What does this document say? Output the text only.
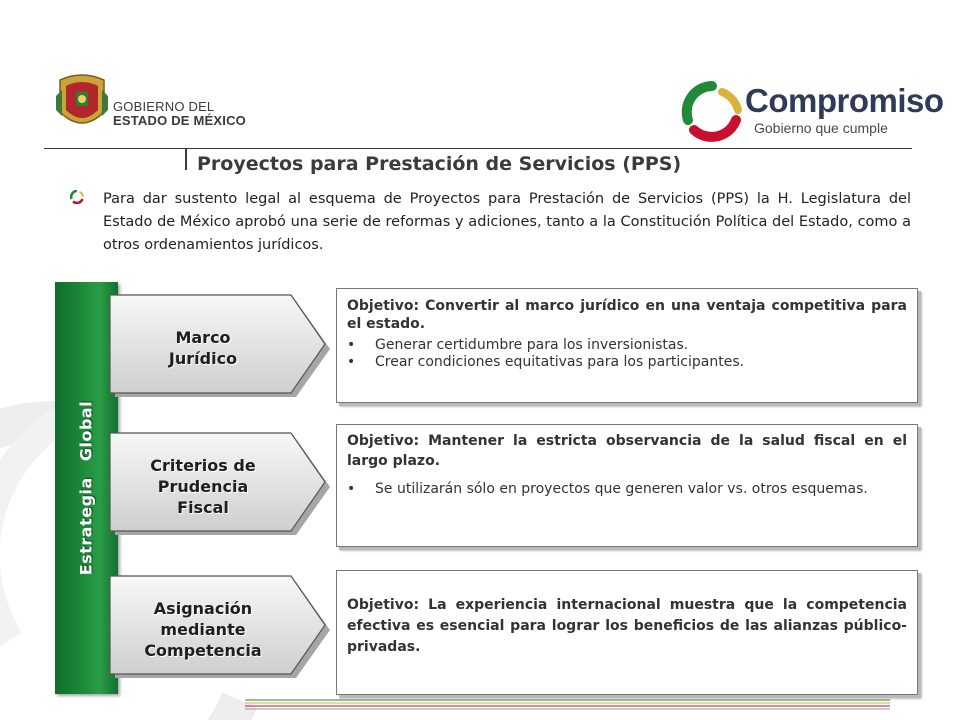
GOBIERNO DEL
ESTADO DE MÉXICO
Compromiso
Gobierno que cumple
Proyectos para Prestación de Servicios (PPS)
Para dar sustento legal al esquema de Proyectos para Prestación de Servicios (PPS) la H. Legislatura del Estado de México aprobó una serie de reformas y adiciones, tanto a la Constitución Política del Estado, como a otros ordenamientos jurídicos.
EstrategiaGlobal
Marco
Jurídico
Criterios de
Prudencia
Fiscal
Asignación
mediante
Competencia
Objetivo: Convertir al marco jurídico en una ventaja competitiva para el estado.
• Generar certidumbre para los inversionistas.
• Crear condiciones equitativas para los participantes.
Objetivo: Mantener la estricta observancia de la salud fiscal en el largo plazo.
• Se utilizarán sólo en proyectos que generen valor vs. otros esquemas.
Objetivo: La experiencia internacional muestra que la competencia efectiva es esencial para lograr los beneficios de las alianzas público-privadas.
